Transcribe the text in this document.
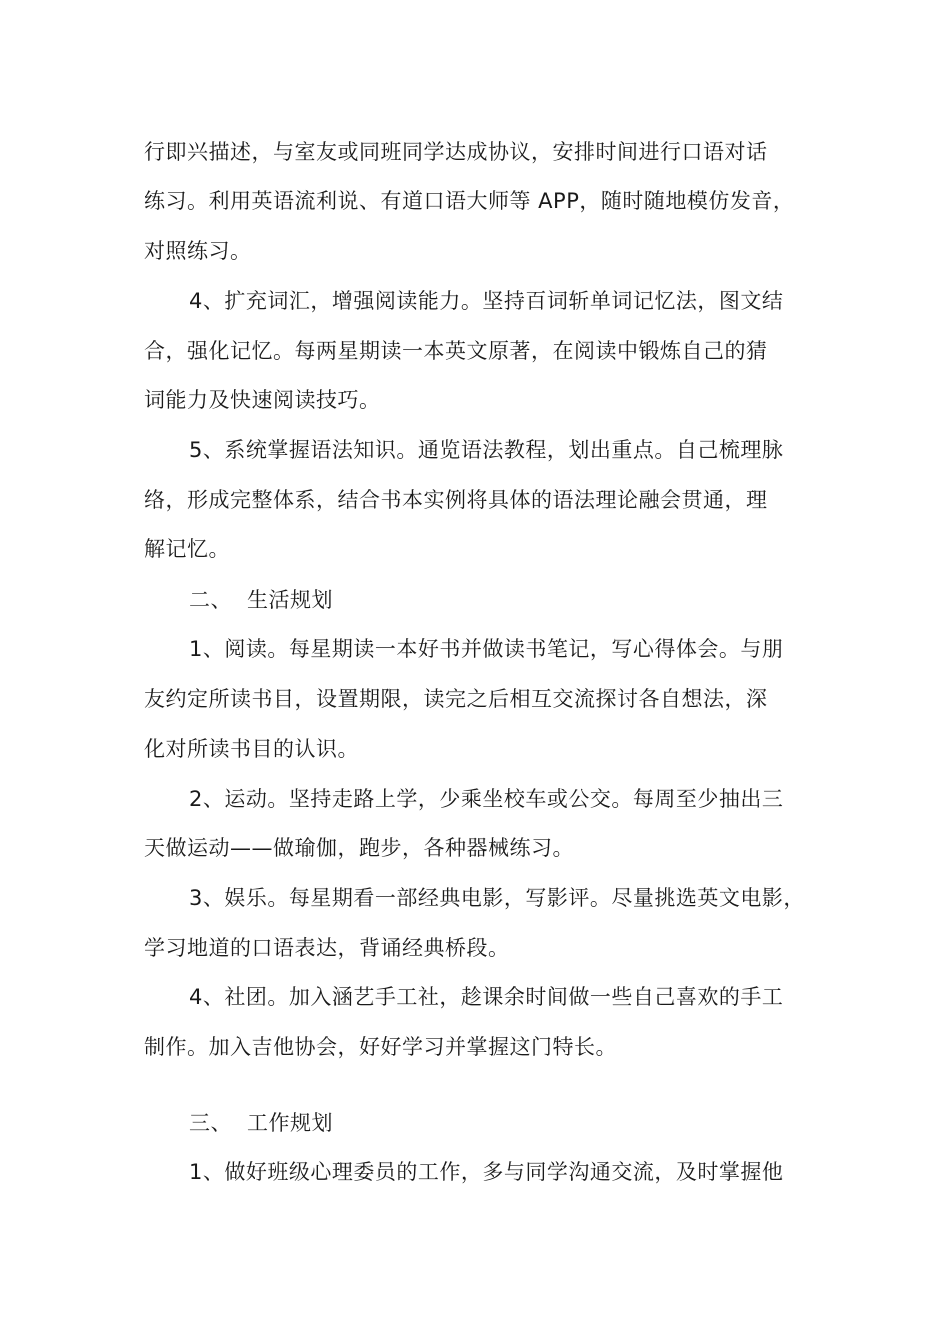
行即兴描述，与室友或同班同学达成协议，安排时间进行口语对话
练习。利用英语流利说、有道口语大师等 APP，随时随地模仿发音，
对照练习。
4、扩充词汇，增强阅读能力。坚持百词斩单词记忆法，图文结
合，强化记忆。每两星期读一本英文原著，在阅读中锻炼自己的猜
词能力及快速阅读技巧。
5、系统掌握语法知识。通览语法教程，划出重点。自己梳理脉
络，形成完整体系，结合书本实例将具体的语法理论融会贯通，理
解记忆。
二、 生活规划
1、阅读。每星期读一本好书并做读书笔记，写心得体会。与朋
友约定所读书目，设置期限，读完之后相互交流探讨各自想法，深
化对所读书目的认识。
2、运动。坚持走路上学，少乘坐校车或公交。每周至少抽出三
天做运动——做瑜伽，跑步，各种器械练习。
3、娱乐。每星期看一部经典电影，写影评。尽量挑选英文电影，
学习地道的口语表达，背诵经典桥段。
4、社团。加入涵艺手工社，趁课余时间做一些自己喜欢的手工
制作。加入吉他协会，好好学习并掌握这门特长。
三、 工作规划
1、做好班级心理委员的工作，多与同学沟通交流，及时掌握他
